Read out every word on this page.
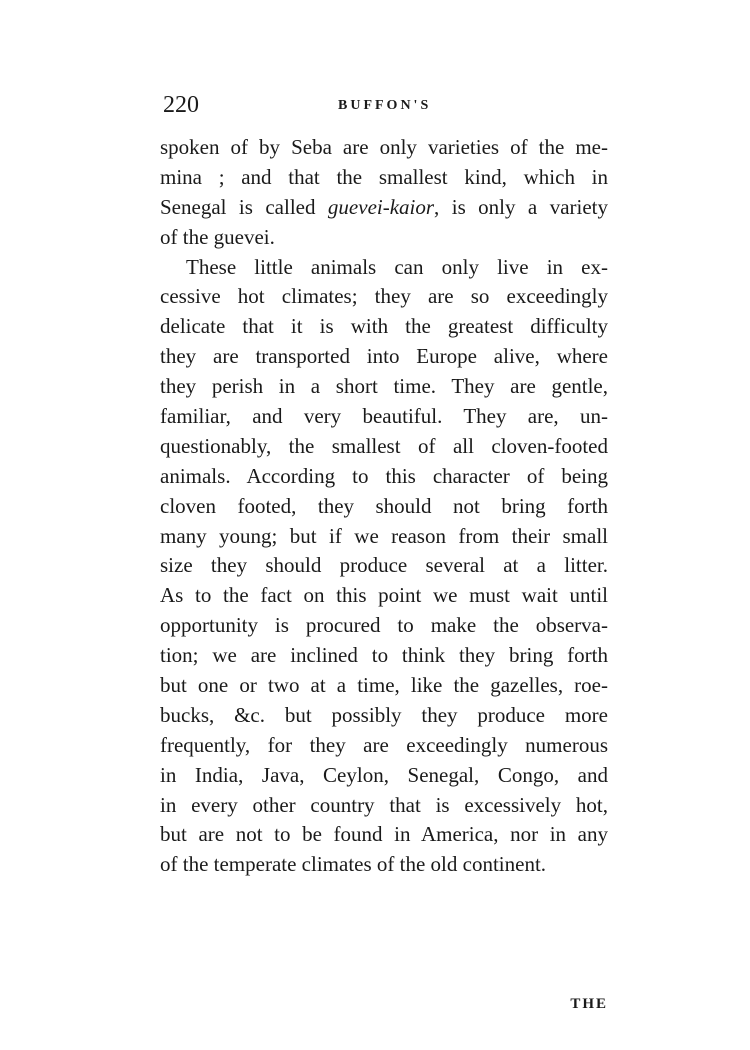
220	BUFFON'S
spoken of by Seba are only varieties of the me-
mina ; and that the smallest kind, which in
Senegal is called guevei-kaior, is only a variety
of the guevei.
These little animals can only live in ex-
cessive hot climates; they are so exceedingly
delicate that it is with the greatest difficulty
they are transported into Europe alive, where
they perish in a short time. They are gentle,
familiar, and very beautiful. They are, un-
questionably, the smallest of all cloven-footed
animals. According to this character of being
cloven footed, they should not bring forth
many young; but if we reason from their small
size they should produce several at a litter.
As to the fact on this point we must wait until
opportunity is procured to make the observa-
tion; we are inclined to think they bring forth
but one or two at a time, like the gazelles, roe-
bucks, &c. but possibly they produce more
frequently, for they are exceedingly numerous
in India, Java, Ceylon, Senegal, Congo, and
in every other country that is excessively hot,
but are not to be found in America, nor in any
of the temperate climates of the old continent.
THE
